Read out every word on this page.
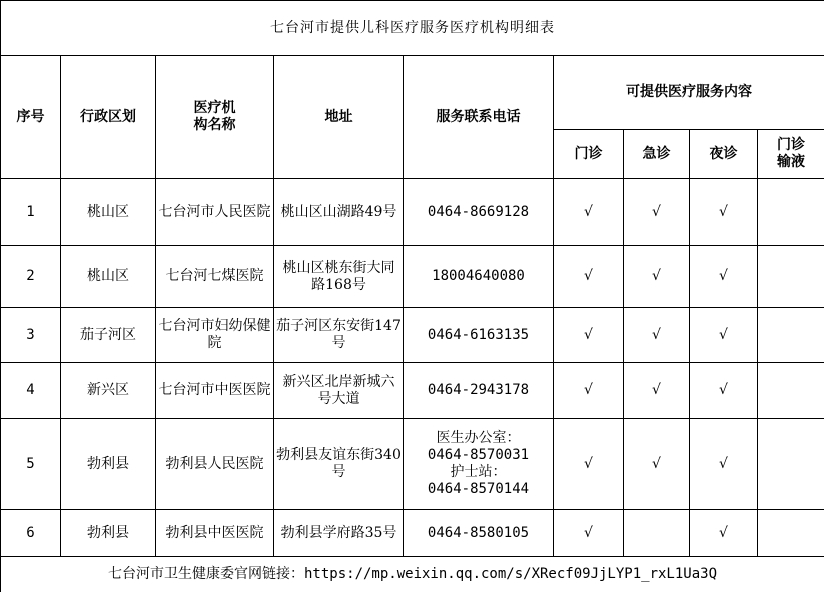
七台河市提供儿科医疗服务医疗机构明细表								
序号	行政区划	医疗机
构名称	地址	服务联系电话	可提供医疗服务内容			
					门诊	急诊	夜诊	门诊
输液

1	桃山区	七台河市人民医院	桃山区山湖路49号	0464-8669128	√	√	√	
2	桃山区	七台河七煤医院	桃山区桃东街大同路168号	18004640080	√	√	√	
3	茄子河区	七台河市妇幼保健院	茄子河区东安街147号	0464-6163135	√	√	√	
4	新兴区	七台河市中医医院	新兴区北岸新城六号大道	0464-2943178	√	√	√	
5	勃利县	勃利县人民医院	勃利县友谊东街340号	医生办公室：
0464-8570031
护士站：
0464-8570144	√	√	√	
6	勃利县	勃利县中医医院	勃利县学府路35号	0464-8580105	√		√	
七台河市卫生健康委官网链接：https://mp.weixin.qq.com/s/XRecf09JjLYP1_rxL1Ua3Q								
